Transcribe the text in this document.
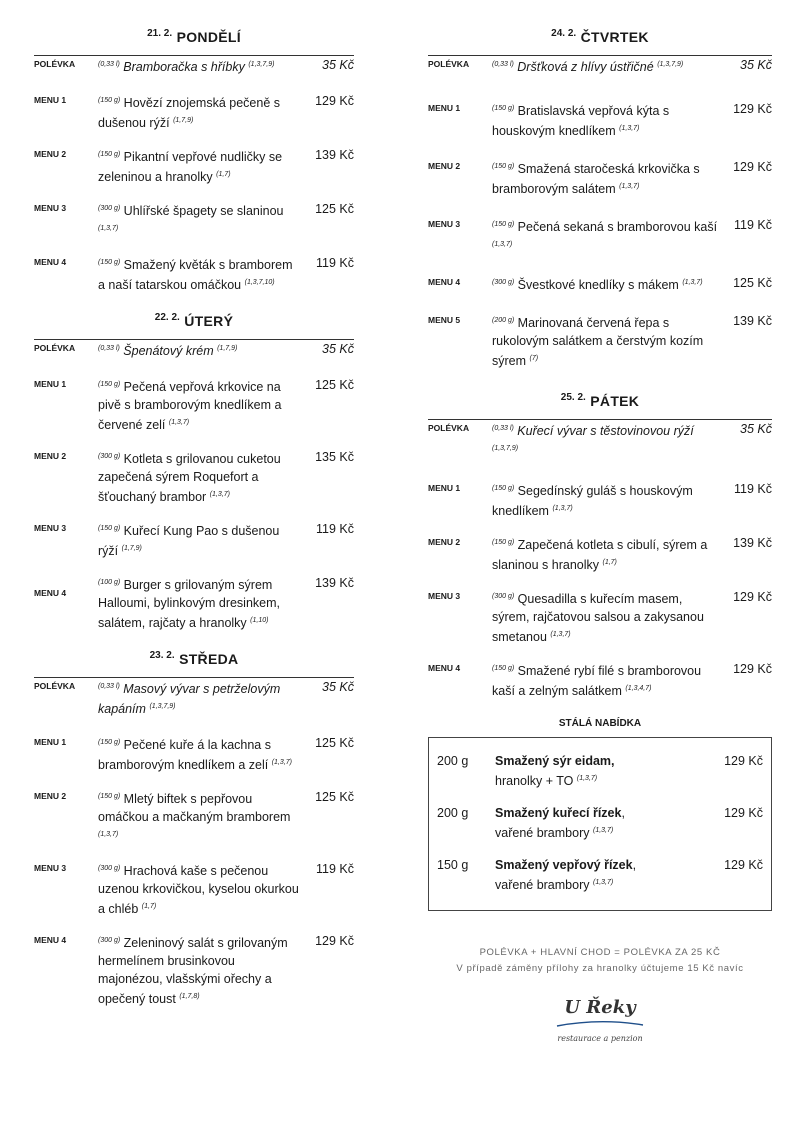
$^{21. 2.}$ PONDĚLÍ
POLÉVKA	$^{(0,33 l)}$ Bramboračka s hříbky $^{(1,3,7,9)}$	35 Kč
MENU 1	$^{(150 g)}$ Hovězí znojemská pečeně s dušenou rýží $^{(1,7,9)}$
129 Kč
MENU 2	$^{(150 g)}$ Pikantní vepřové nudličky se zeleninou a hranolky $^{(1,7)}$
139 Kč
MENU 3	$^{(300 g)}$ Uhlířské špagety se slaninou $^{(1,3,7)}$
125 Kč
MENU 4	$^{(150 g)}$ Smažený květák s bramborem a naší tatarskou omáčkou $^{(1,3,7,10)}$
119 Kč
$^{22. 2.}$ ÚTERÝ
POLÉVKA	$^{(0,33 l)}$ Špenátový krém $^{(1,7,9)}$	35 Kč
MENU 1	$^{(150 g)}$ Pečená vepřová krkovice na pivě s bramborovým knedlíkem a červené zelí $^{(1,3,7)}$
125 Kč
MENU 2	$^{(300 g)}$ Kotleta s grilovanou cuketou zapečená sýrem Roquefort a šťouchaný brambor $^{(1,3,7)}$
135 Kč
MENU 3	$^{(150 g)}$ Kuřecí Kung Pao s dušenou rýží $^{(1,7,9)}$
119 Kč
MENU 4
$^{(100 g)}$ Burger s grilovaným sýrem Halloumi, bylinkovým dresinkem, salátem, rajčaty a hranolky $^{(1,10)}$
139 Kč
$^{23. 2.}$ STŘEDA
POLÉVKA	$^{(0,33 l)}$ Masový vývar s petrželovým kapáním $^{(1,3,7,9)}$
35 Kč
MENU 1	$^{(150 g)}$ Pečené kuře á la kachna s bramborovým knedlíkem a zelí $^{(1,3,7)}$
125 Kč
MENU 2	$^{(150 g)}$ Mletý biftek s pepřovou omáčkou a mačkaným bramborem $^{(1,3,7)}$
125 Kč
MENU 3	$^{(300 g)}$ Hrachová kaše s pečenou uzenou krkovičkou, kyselou okurkou a chléb $^{(1,7)}$
119 Kč
MENU 4	$^{(300 g)}$ Zeleninový salát s grilovaným hermelínem brusinkovou majonézou, vlašskými ořechy a opečený toust $^{(1,7,8)}$
129 Kč
$^{24. 2.}$ ČTVRTEK
POLÉVKA	$^{(0,33 l)}$ Dršťková z hlívy ústřičné $^{(1,3,7,9)}$	35 Kč
MENU 1	$^{(150 g)}$ Bratislavská vepřová kýta s houskovým knedlíkem $^{(1,3,7)}$
129 Kč
MENU 2	$^{(150 g)}$ Smažená staročeská krkovička s bramborovým salátem $^{(1,3,7)}$
129 Kč
MENU 3	$^{(150 g)}$ Pečená sekaná s bramborovou kaší $^{(1,3,7)}$
119 Kč
MENU 4	$^{(300 g)}$ Švestkové knedlíky s mákem $^{(1,3,7)}$	125 Kč
MENU 5	$^{(200 g)}$ Marinovaná červená řepa s rukolovým salátkem a čerstvým kozím sýrem $^{(7)}$
139 Kč
$^{25. 2.}$ PÁTEK
POLÉVKA	$^{(0,33 l)}$ Kuřecí vývar s těstovinovou rýží $^{(1,3,7,9)}$
35 Kč
MENU 1	$^{(150 g)}$ Segedínský guláš s houskovým knedlíkem $^{(1,3,7)}$
119 Kč
MENU 2	$^{(150 g)}$ Zapečená kotleta s cibulí, sýrem a slaninou s hranolky $^{(1,7)}$
139 Kč
MENU 3	$^{(300 g)}$ Quesadilla s kuřecím masem, sýrem, rajčatovou salsou a zakysanou smetanou $^{(1,3,7)}$
129 Kč
MENU 4	$^{(150 g)}$ Smažené rybí filé s bramborovou kaší a zelným salátkem $^{(1,3,4,7)}$
129 Kč
STÁLÁ NABÍDKA
200 g	Smažený sýr eidam,
hranolky + TO $^{(1,3,7)}$
129 Kč
200 g	Smažený kuřecí řízek,
vařené brambory $^{(1,3,7)}$
129 Kč
150 g	Smažený vepřový řízek,
vařené brambory $^{(1,3,7)}$
129 Kč
POLÉVKA + HLAVNÍ CHOD = POLÉVKA ZA 25 KČ
V případě záměny přílohy za hranolky účtujeme 15 Kč navíc
U Řeky
restaurace a penzion
